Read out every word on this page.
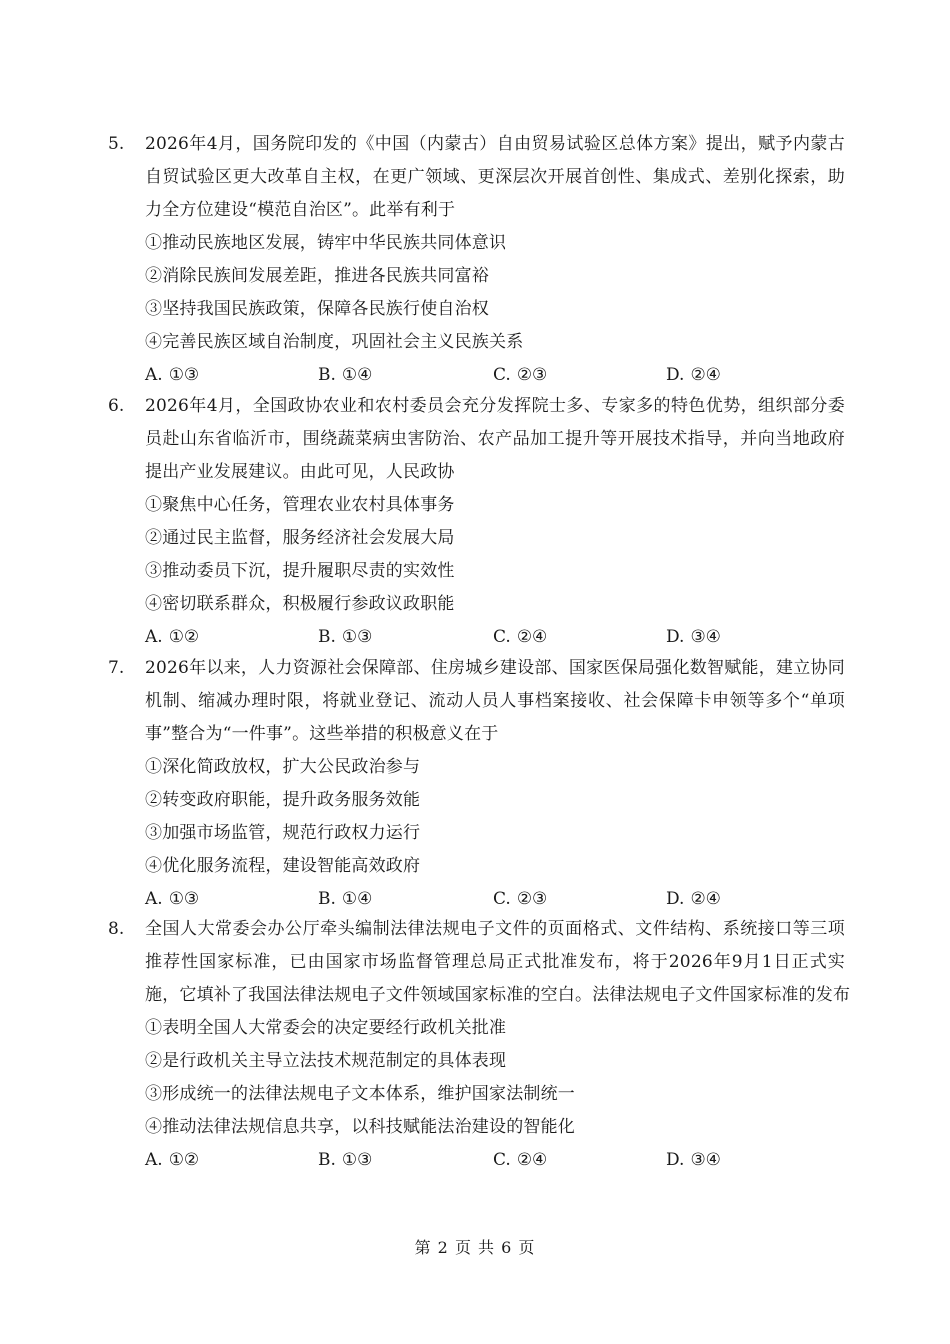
5. 2026年4月，国务院印发的《中国（内蒙古）自由贸易试验区总体方案》提出，赋予内蒙古
自贸试验区更大改革自主权，在更广领域、更深层次开展首创性、集成式、差别化探索，助
力全方位建设“模范自治区”。此举有利于
①推动民族地区发展，铸牢中华民族共同体意识
②消除民族间发展差距，推进各民族共同富裕
③坚持我国民族政策，保障各民族行使自治权
④完善民族区域自治制度，巩固社会主义民族关系
A. ①③	B. ①④	C. ②③	D. ②④
6. 2026年4月，全国政协农业和农村委员会充分发挥院士多、专家多的特色优势，组织部分委
员赴山东省临沂市，围绕蔬菜病虫害防治、农产品加工提升等开展技术指导，并向当地政府
提出产业发展建议。由此可见，人民政协
①聚焦中心任务，管理农业农村具体事务
②通过民主监督，服务经济社会发展大局
③推动委员下沉，提升履职尽责的实效性
④密切联系群众，积极履行参政议政职能
A. ①②	B. ①③	C. ②④	D. ③④
7. 2026年以来，人力资源社会保障部、住房城乡建设部、国家医保局强化数智赋能，建立协同
机制、缩减办理时限，将就业登记、流动人员人事档案接收、社会保障卡申领等多个“单项
事”整合为“一件事”。这些举措的积极意义在于
①深化简政放权，扩大公民政治参与
②转变政府职能，提升政务服务效能
③加强市场监管，规范行政权力运行
④优化服务流程，建设智能高效政府
A. ①③	B. ①④	C. ②③	D. ②④
8. 全国人大常委会办公厅牵头编制法律法规电子文件的页面格式、文件结构、系统接口等三项
推荐性国家标准，已由国家市场监督管理总局正式批准发布，将于2026年9月1日正式实
施，它填补了我国法律法规电子文件领域国家标准的空白。法律法规电子文件国家标准的发布
①表明全国人大常委会的决定要经行政机关批准
②是行政机关主导立法技术规范制定的具体表现
③形成统一的法律法规电子文本体系，维护国家法制统一
④推动法律法规信息共享，以科技赋能法治建设的智能化
A. ①②	B. ①③	C. ②④	D. ③④
第 2 页 共 6 页
